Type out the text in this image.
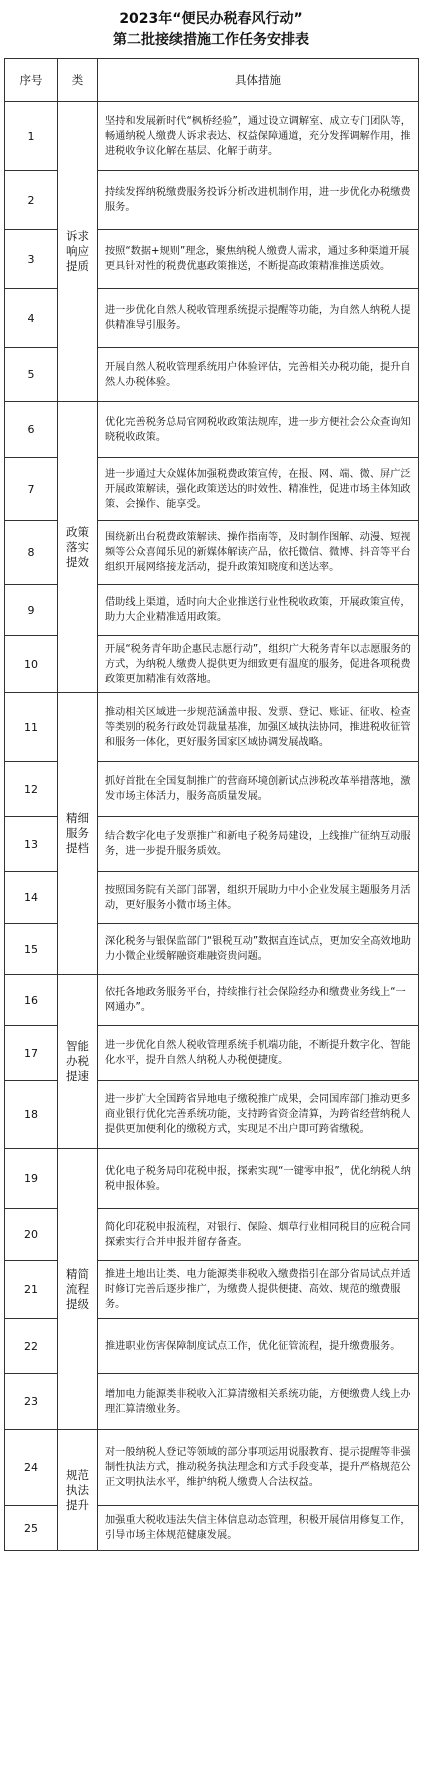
2023年“便民办税春风行动”
第二批接续措施工作任务安排表
序号	类	具体措施
1	诉求响应提质	坚持和发展新时代“枫桥经验”，通过设立调解室、成立专门团队等，畅通纳税人缴费人诉求表达、权益保障通道，充分发挥调解作用，推进税收争议化解在基层、化解于萌芽。
2		持续发挥纳税缴费服务投诉分析改进机制作用，进一步优化办税缴费服务。
3		按照“数据+规则”理念，聚焦纳税人缴费人需求，通过多种渠道开展更具针对性的税费优惠政策推送，不断提高政策精准推送质效。
4		进一步优化自然人税收管理系统提示提醒等功能，为自然人纳税人提供精准导引服务。
5		开展自然人税收管理系统用户体验评估，完善相关办税功能，提升自然人办税体验。
6	政策落实提效	优化完善税务总局官网税收政策法规库，进一步方便社会公众查询知晓税收政策。
7		进一步通过大众媒体加强税费政策宣传，在报、网、端、微、屏广泛开展政策解读，强化政策送达的时效性、精准性，促进市场主体知政策、会操作、能享受。
8		围绕新出台税费政策解读、操作指南等，及时制作图解、动漫、短视频等公众喜闻乐见的新媒体解读产品，依托微信、微博、抖音等平台组织开展网络接龙活动，提升政策知晓度和送达率。
9		借助线上渠道，适时向大企业推送行业性税收政策，开展政策宣传，助力大企业精准适用政策。
10		开展“税务青年助企惠民志愿行动”，组织广大税务青年以志愿服务的方式，为纳税人缴费人提供更为细致更有温度的服务，促进各项税费政策更加精准有效落地。
11	精细服务提档	推动相关区域进一步规范涵盖申报、发票、登记、账证、征收、检查等类别的税务行政处罚裁量基准，加强区域执法协同，推进税收征管和服务一体化，更好服务国家区域协调发展战略。
12		抓好首批在全国复制推广的营商环境创新试点涉税改革举措落地，激发市场主体活力，服务高质量发展。
13		结合数字化电子发票推广和新电子税务局建设，上线推广征纳互动服务，进一步提升服务质效。
14		按照国务院有关部门部署，组织开展助力中小企业发展主题服务月活动，更好服务小微市场主体。
15		深化税务与银保监部门“银税互动”数据直连试点，更加安全高效地助力小微企业缓解融资难融资贵问题。
16	智能办税提速	依托各地政务服务平台，持续推行社会保险经办和缴费业务线上“一网通办”。
17		进一步优化自然人税收管理系统手机端功能，不断提升数字化、智能化水平，提升自然人纳税人办税便捷度。
18		进一步扩大全国跨省异地电子缴税推广成果，会同国库部门推动更多商业银行优化完善系统功能，支持跨省资金清算，为跨省经营纳税人提供更加便利化的缴税方式，实现足不出户即可跨省缴税。
19	精简流程提级	优化电子税务局印花税申报，探索实现“一键零申报”，优化纳税人纳税申报体验。
20		简化印花税申报流程，对银行、保险、烟草行业相同税目的应税合同探索实行合并申报并留存备查。
21		推进土地出让类、电力能源类非税收入缴费指引在部分省局试点并适时修订完善后逐步推广，为缴费人提供便捷、高效、规范的缴费服务。
22		推进职业伤害保障制度试点工作，优化征管流程，提升缴费服务。
23		增加电力能源类非税收入汇算清缴相关系统功能，方便缴费人线上办理汇算清缴业务。
24	规范执法提升	对一般纳税人登记等领域的部分事项运用说服教育、提示提醒等非强制性执法方式，推动税务执法理念和方式手段变革，提升严格规范公正文明执法水平，维护纳税人缴费人合法权益。
25		加强重大税收违法失信主体信息动态管理，积极开展信用修复工作，引导市场主体规范健康发展。
